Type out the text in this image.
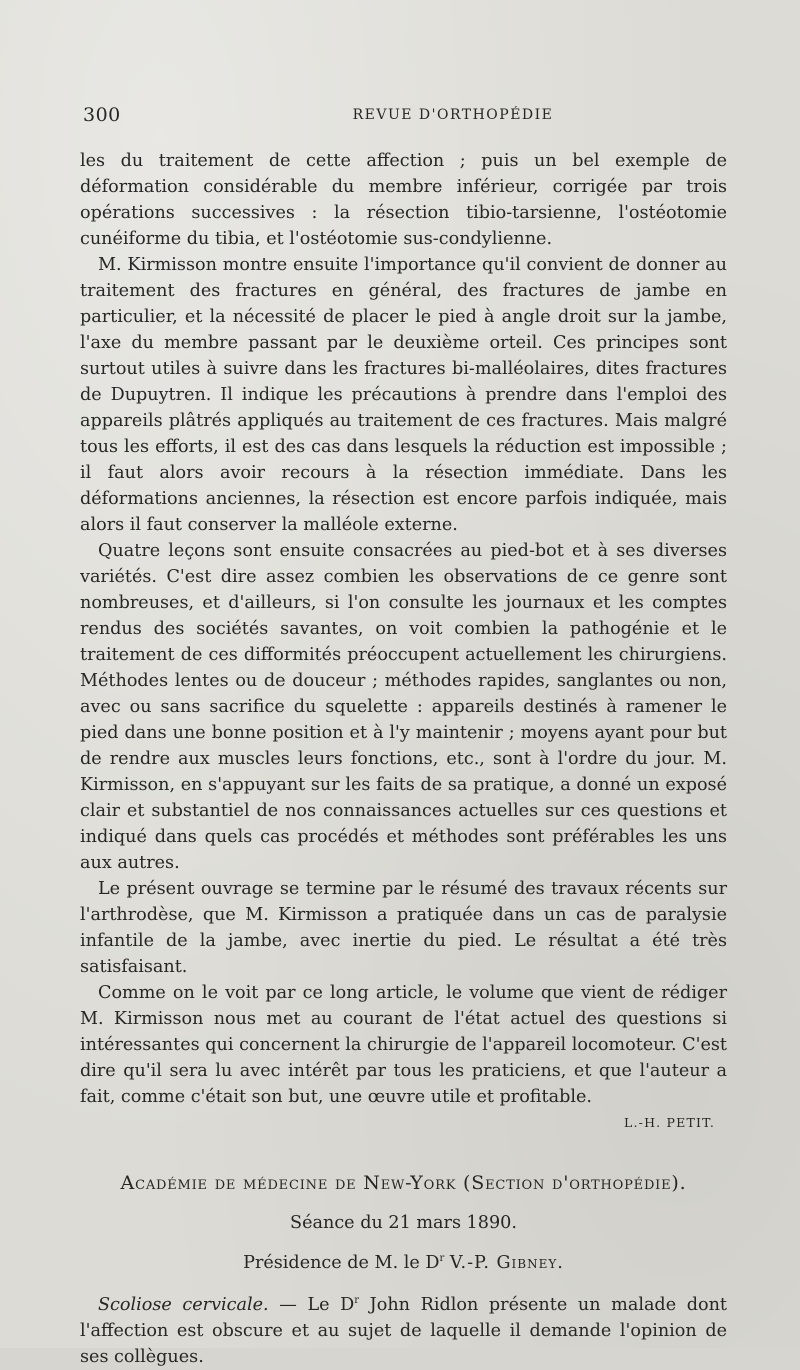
300	REVUE D'ORTHOPÉDIE

les du traitement de cette affection ; puis un bel exemple de déformation considérable du membre inférieur, corrigée par trois opérations successives : la résection tibio-tarsienne, l'ostéotomie cunéiforme du tibia, et l'ostéotomie sus-condylienne.

M. Kirmisson montre ensuite l'importance qu'il convient de donner au traitement des fractures en général, des fractures de jambe en particulier, et la nécessité de placer le pied à angle droit sur la jambe, l'axe du membre passant par le deuxième orteil. Ces principes sont surtout utiles à suivre dans les fractures bi-malléolaires, dites fractures de Dupuytren. Il indique les précautions à prendre dans l'emploi des appareils plâtrés appliqués au traitement de ces fractures. Mais malgré tous les efforts, il est des cas dans lesquels la réduction est impossible ; il faut alors avoir recours à la résection immédiate. Dans les déformations anciennes, la résection est encore parfois indiquée, mais alors il faut conserver la malléole externe.

Quatre leçons sont ensuite consacrées au pied-bot et à ses diverses variétés. C'est dire assez combien les observations de ce genre sont nombreuses, et d'ailleurs, si l'on consulte les journaux et les comptes rendus des sociétés savantes, on voit combien la pathogénie et le traitement de ces difformités préoccupent actuellement les chirurgiens. Méthodes lentes ou de douceur ; méthodes rapides, sanglantes ou non, avec ou sans sacrifice du squelette : appareils destinés à ramener le pied dans une bonne position et à l'y maintenir ; moyens ayant pour but de rendre aux muscles leurs fonctions, etc., sont à l'ordre du jour. M. Kirmisson, en s'appuyant sur les faits de sa pratique, a donné un exposé clair et substantiel de nos connaissances actuelles sur ces questions et indiqué dans quels cas procédés et méthodes sont préférables les uns aux autres.

Le présent ouvrage se termine par le résumé des travaux récents sur l'arthrodèse, que M. Kirmisson a pratiquée dans un cas de paralysie infantile de la jambe, avec inertie du pied. Le résultat a été très satisfaisant.

Comme on le voit par ce long article, le volume que vient de rédiger M. Kirmisson nous met au courant de l'état actuel des questions si intéressantes qui concernent la chirurgie de l'appareil locomoteur. C'est dire qu'il sera lu avec intérêt par tous les praticiens, et que l'auteur a fait, comme c'était son but, une œuvre utile et profitable.

L.-H. PETIT.
Académie de médecine de New-York (Section d'orthopédie).
Séance du 21 mars 1890.
Présidence de M. le $D^r$ V.-P. Gibney.

Scoliose cervicale. — Le $D^r$ John Ridlon présente un malade dont l'affection est obscure et au sujet de laquelle il demande l'opinion de ses collègues.
